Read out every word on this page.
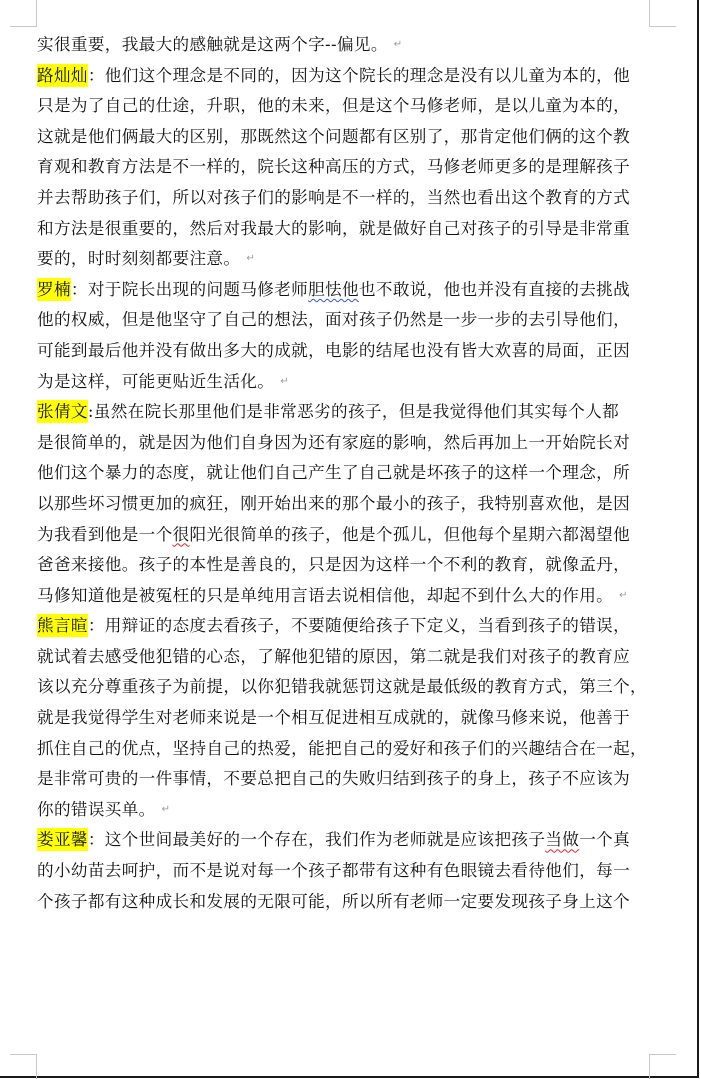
实很重要，我最大的感触就是这两个字--偏见。 ↵

路灿灿：他们这个理念是不同的，因为这个院长的理念是没有以儿童为本的，他
只是为了自己的仕途，升职，他的未来，但是这个马修老师，是以儿童为本的，
这就是他们俩最大的区别，那既然这个问题都有区别了，那肯定他们俩的这个教
育观和教育方法是不一样的，院长这种高压的方式，马修老师更多的是理解孩子
并去帮助孩子们，所以对孩子们的影响是不一样的，当然也看出这个教育的方式
和方法是很重要的，然后对我最大的影响，就是做好自己对孩子的引导是非常重
要的，时时刻刻都要注意。 ↵

罗楠：对于院长出现的问题马修老师胆怯他也不敢说，他也并没有直接的去挑战
他的权威，但是他坚守了自己的想法，面对孩子仍然是一步一步的去引导他们，
可能到最后他并没有做出多大的成就，电影的结尾也没有皆大欢喜的局面，正因
为是这样，可能更贴近生活化。 ↵

张倩文:虽然在院长那里他们是非常恶劣的孩子，但是我觉得他们其实每个人都
是很简单的，就是因为他们自身因为还有家庭的影响，然后再加上一开始院长对
他们这个暴力的态度，就让他们自己产生了自己就是坏孩子的这样一个理念，所
以那些坏习惯更加的疯狂，刚开始出来的那个最小的孩子，我特别喜欢他，是因
为我看到他是一个很阳光很简单的孩子，他是个孤儿，但他每个星期六都渴望他
爸爸来接他。孩子的本性是善良的，只是因为这样一个不利的教育，就像孟丹，
马修知道他是被冤枉的只是单纯用言语去说相信他，却起不到什么大的作用。 ↵

熊言暄：用辩证的态度去看孩子，不要随便给孩子下定义，当看到孩子的错误，
就试着去感受他犯错的心态，了解他犯错的原因，第二就是我们对孩子的教育应
该以充分尊重孩子为前提，以你犯错我就惩罚这就是最低级的教育方式，第三个，
就是我觉得学生对老师来说是一个相互促进相互成就的，就像马修来说，他善于
抓住自己的优点，坚持自己的热爱，能把自己的爱好和孩子们的兴趣结合在一起，
是非常可贵的一件事情，不要总把自己的失败归结到孩子的身上，孩子不应该为
你的错误买单。 ↵

娄亚馨：这个世间最美好的一个存在，我们作为老师就是应该把孩子当做一个真
的小幼苗去呵护，而不是说对每一个孩子都带有这种有色眼镜去看待他们，每一
个孩子都有这种成长和发展的无限可能，所以所有老师一定要发现孩子身上这个
